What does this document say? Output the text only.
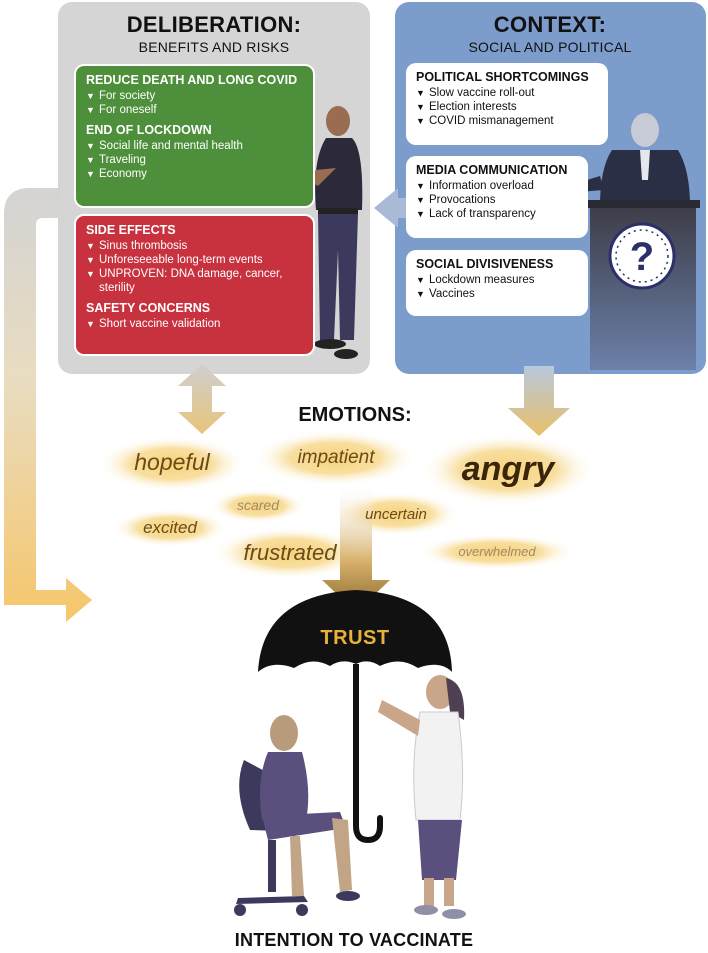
?
DELIBERATION:
BENEFITS AND RISKS
REDUCE DEATH AND LONG COVID
▼ For society
▼ For oneself
END OF LOCKDOWN
▼ Social life and mental health
▼ Traveling
▼ Economy
SIDE EFFECTS
▼ Sinus thrombosis
▼ Unforeseeable long-term events
▼ UNPROVEN: DNA damage, cancer, sterility
SAFETY CONCERNS
▼ Short vaccine validation
CONTEXT:
SOCIAL AND POLITICAL
POLITICAL SHORTCOMINGS
▼ Slow vaccine roll-out
▼ Election interests
▼ COVID mismanagement
MEDIA COMMUNICATION
▼ Information overload
▼ Provocations
▼ Lack of transparency
SOCIAL DIVISIVENESS
▼ Lockdown measures
▼ Vaccines
EMOTIONS:
hopeful	impatient	angry
scared
uncertain
excited
frustrated	overwhelmed
TRUST
INTENTION TO VACCINATE
